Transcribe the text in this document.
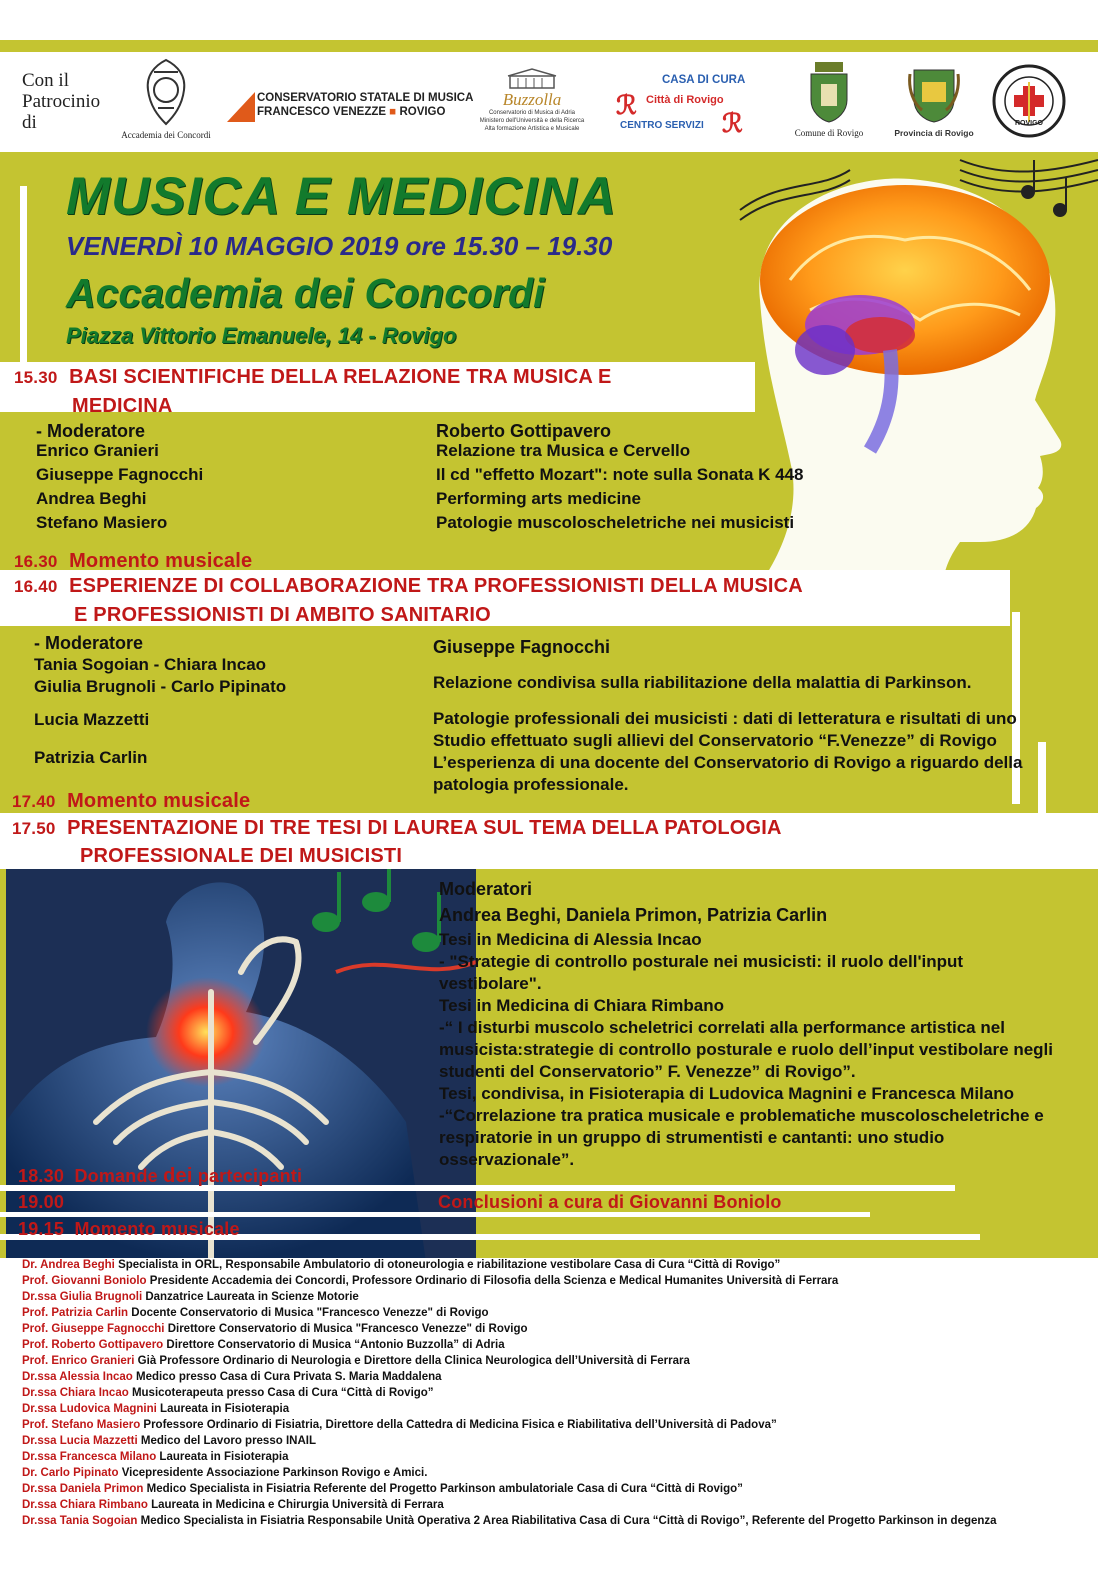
Con il
Patrocinio
di
Accademia dei Concordi
CONSERVATORIO STATALE DI MUSICA
FRANCESCO VENEZZE ■ ROVIGO
Buzzolla
Conservatorio di Musica di Adria
Ministero dell'Università e della Ricerca
Alta formazione Artistica e Musicale
ℛ
CASA DI CURA
Città di Rovigo
CENTRO SERVIZI ℛ	Comune di Rovigo	Provincia di Rovigo
ROVIGO
MUSICA E MEDICINA
VENERDÌ 10 MAGGIO 2019 ore 15.30 – 19.30
Accademia dei Concordi
Piazza Vittorio Emanuele, 14 - Rovigo
15.30 BASI SCIENTIFICHE DELLA RELAZIONE TRA MUSICA E
MEDICINA
- Moderatore
Enrico Granieri
Giuseppe Fagnocchi
Andrea Beghi
Stefano Masiero
Roberto Gottipavero
Relazione tra Musica e Cervello
Il cd "effetto Mozart": note sulla Sonata K 448
Performing arts medicine
Patologie muscoloscheletriche nei musicisti
16.30 Momento musicale
16.40 ESPERIENZE DI COLLABORAZIONE TRA PROFESSIONISTI DELLA MUSICA
E PROFESSIONISTI DI AMBITO SANITARIO
- Moderatore
Tania Sogoian - Chiara Incao
Giulia Brugnoli - Carlo Pipinato
Lucia Mazzetti
Patrizia Carlin
Giuseppe Fagnocchi
Relazione condivisa sulla riabilitazione della malattia di Parkinson.
Patologie professionali dei musicisti : dati di letteratura e risultati di uno
Studio effettuato sugli allievi del Conservatorio “F.Venezze” di Rovigo
L’esperienza di una docente del Conservatorio di Rovigo a riguardo della
patologia professionale.
17.40 Momento musicale
17.50 PRESENTAZIONE DI TRE TESI DI LAUREA SUL TEMA DELLA PATOLOGIA
PROFESSIONALE DEI MUSICISTI
Moderatori
Andrea Beghi, Daniela Primon, Patrizia Carlin
Tesi in Medicina di Alessia Incao
- "Strategie di controllo posturale nei musicisti: il ruolo dell'input
vestibolare".
Tesi in Medicina di Chiara Rimbano
-“ I disturbi muscolo scheletrici correlati alla performance artistica nel
musicista:strategie di controllo posturale e ruolo dell’input vestibolare negli
studenti del Conservatorio” F. Venezze” di Rovigo”.
Tesi, condivisa, in Fisioterapia di Ludovica Magnini e Francesca Milano
-“Correlazione tra pratica musicale e problematiche muscoloscheletriche e
respiratorie in un gruppo di strumentisti e cantanti: uno studio
osservazionale”.
18.30 Domande dei partecipanti
19.00	Conclusioni a cura di Giovanni Boniolo
19.15 Momento musicale
Dr. Andrea Beghi Specialista in ORL, Responsabile Ambulatorio di otoneurologia e riabilitazione vestibolare Casa di Cura “Città di Rovigo”
Prof. Giovanni Boniolo Presidente Accademia dei Concordi, Professore Ordinario di Filosofia della Scienza e Medical Humanites Università di Ferrara
Dr.ssa Giulia Brugnoli Danzatrice Laureata in Scienze Motorie
Prof. Patrizia Carlin Docente Conservatorio di Musica "Francesco Venezze" di Rovigo
Prof. Giuseppe Fagnocchi Direttore Conservatorio di Musica "Francesco Venezze" di Rovigo
Prof. Roberto Gottipavero Direttore Conservatorio di Musica “Antonio Buzzolla” di Adria
Prof. Enrico Granieri Già Professore Ordinario di Neurologia e Direttore della Clinica Neurologica dell’Università di Ferrara
Dr.ssa Alessia Incao Medico presso Casa di Cura Privata S. Maria Maddalena
Dr.ssa Chiara Incao Musicoterapeuta presso Casa di Cura “Città di Rovigo”
Dr.ssa Ludovica Magnini Laureata in Fisioterapia
Prof. Stefano Masiero Professore Ordinario di Fisiatria, Direttore della Cattedra di Medicina Fisica e Riabilitativa dell’Università di Padova”
Dr.ssa Lucia Mazzetti Medico del Lavoro presso INAIL
Dr.ssa Francesca Milano Laureata in Fisioterapia
Dr. Carlo Pipinato Vicepresidente Associazione Parkinson Rovigo e Amici.
Dr.ssa Daniela Primon Medico Specialista in Fisiatria Referente del Progetto Parkinson ambulatoriale Casa di Cura “Città di Rovigo”
Dr.ssa Chiara Rimbano Laureata in Medicina e Chirurgia Università di Ferrara
Dr.ssa Tania Sogoian Medico Specialista in Fisiatria Responsabile Unità Operativa 2 Area Riabilitativa Casa di Cura “Città di Rovigo”, Referente del Progetto Parkinson in degenza
